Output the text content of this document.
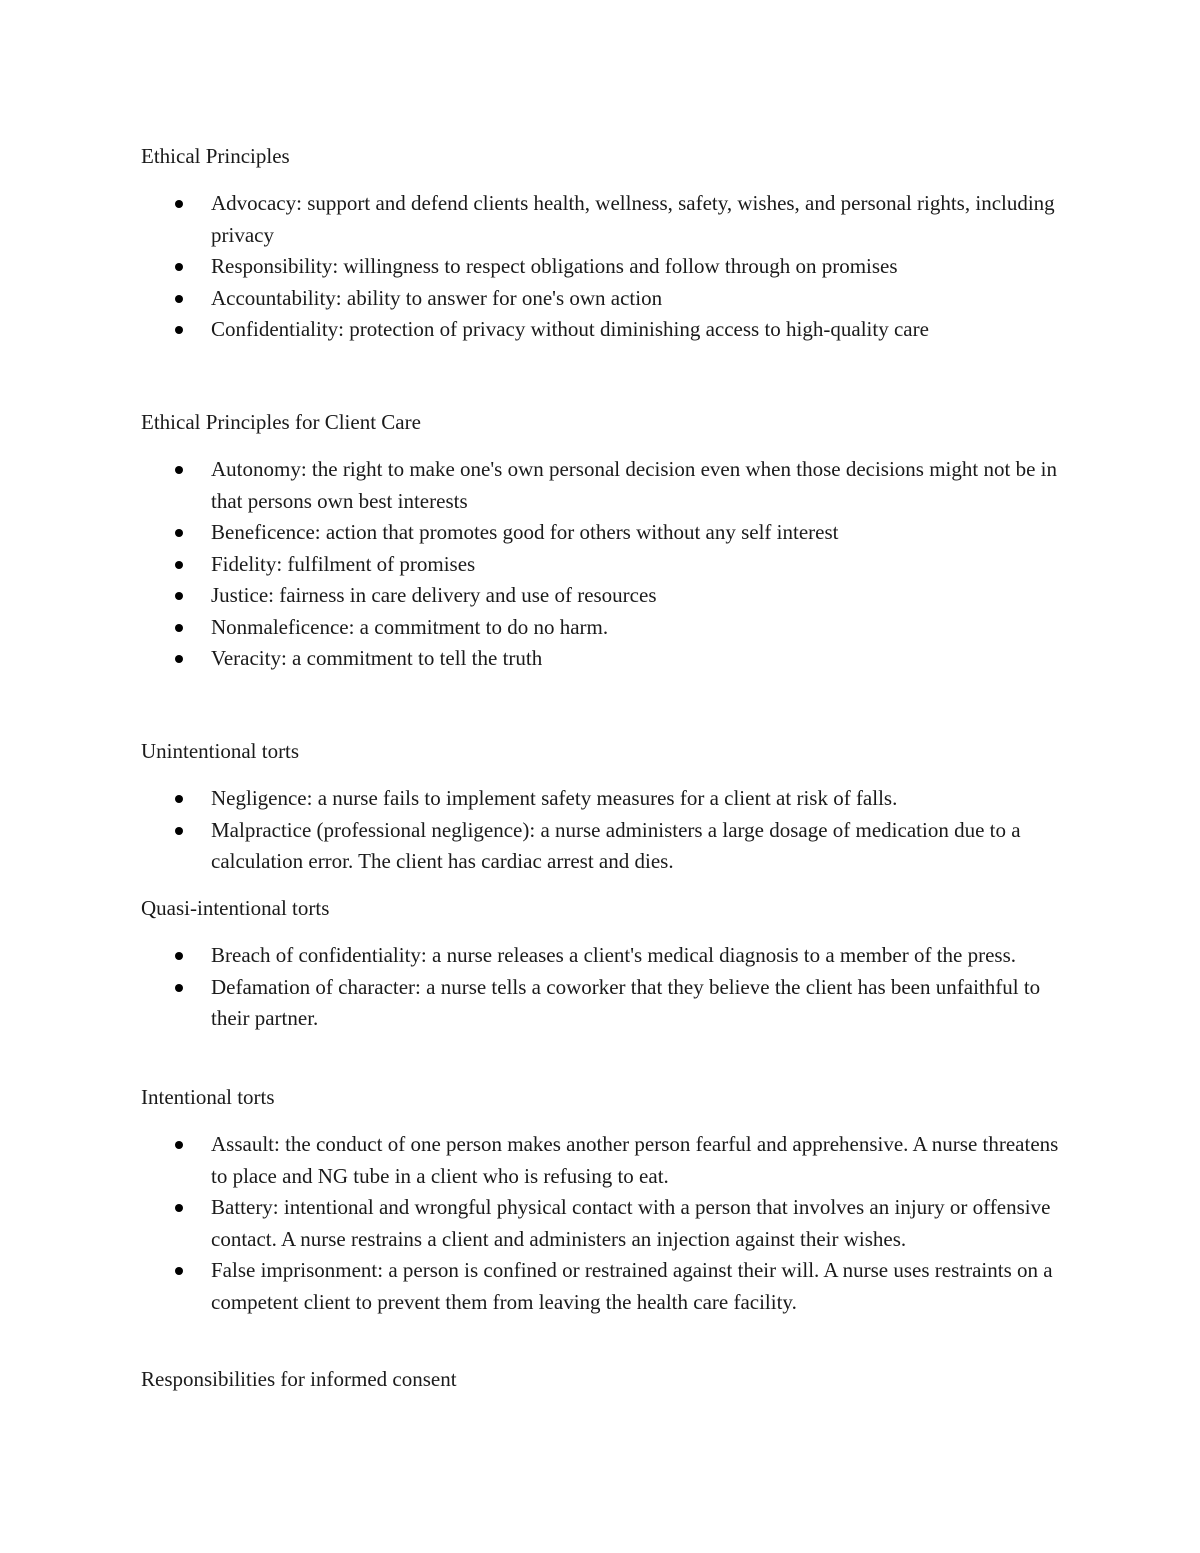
Ethical Principles
Advocacy: support and defend clients health, wellness, safety, wishes, and personal rights, including privacy
Responsibility: willingness to respect obligations and follow through on promises
Accountability: ability to answer for one's own action
Confidentiality: protection of privacy without diminishing access to high-quality care
Ethical Principles for Client Care
Autonomy: the right to make one's own personal decision even when those decisions might not be in that persons own best interests
Beneficence: action that promotes good for others without any self interest
Fidelity: fulfilment of promises
Justice: fairness in care delivery and use of resources
Nonmaleficence: a commitment to do no harm.
Veracity: a commitment to tell the truth
Unintentional torts
Negligence: a nurse fails to implement safety measures for a client at risk of falls.
Malpractice (professional negligence): a nurse administers a large dosage of medication due to a calculation error. The client has cardiac arrest and dies.
Quasi-intentional torts
Breach of confidentiality: a nurse releases a client's medical diagnosis to a member of the press.
Defamation of character: a nurse tells a coworker that they believe the client has been unfaithful to their partner.
Intentional torts
Assault: the conduct of one person makes another person fearful and apprehensive. A nurse threatens to place and NG tube in a client who is refusing to eat.
Battery: intentional and wrongful physical contact with a person that involves an injury or offensive contact. A nurse restrains a client and administers an injection against their wishes.
False imprisonment: a person is confined or restrained against their will. A nurse uses restraints on a competent client to prevent them from leaving the health care facility.
Responsibilities for informed consent
